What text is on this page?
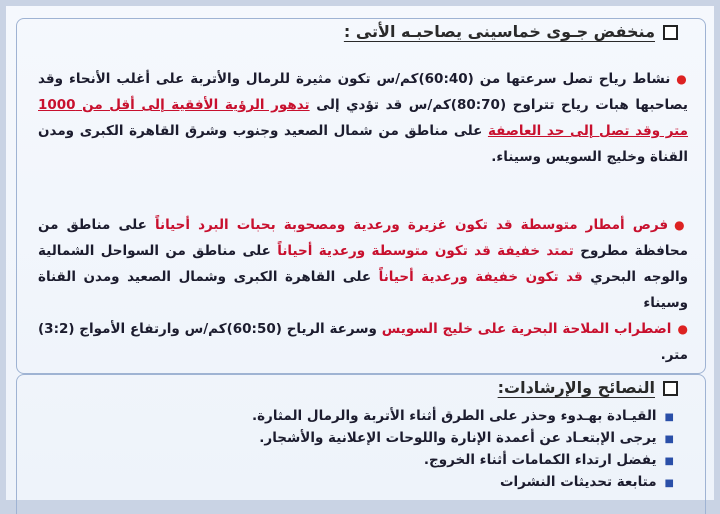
منخفض جـوى خماسينى يصاحبـه الأتى :
●نشاط رياح تصل سرعتها من (60:40)كم/س تكون مثيرة للرمال والأتربة على أغلب الأنحاء وقد يصاحبها هبات رياح تتراوح (80:70)كم/س قد تؤدي إلى تدهور الرؤية الأفقية إلى أقل من 1000 متر وقد تصل إلى حد العاصفة على مناطق من شمال الصعيد وجنوب وشرق القاهرة الكبرى ومدن القناة وخليج السويس وسيناء.
●فرص أمطار متوسطة قد تكون غزيرة ورعدية ومصحوبة بحبات البرد أحياناً على مناطق من محافظة مطروح تمتد خفيفة قد تكون متوسطة ورعدية أحياناً على مناطق من السواحل الشمالية والوجه البحري قد تكون خفيفة ورعدية أحياناً على القاهرة الكبرى وشمال الصعيد ومدن القناة وسيناء
●اضطراب الملاحة البحرية على خليج السويس وسرعة الرياح (60:50)كم/س وارتفاع الأمواج (3:2) متر.
النصائح والإرشادات:
■القيـادة بهـدوء وحذر على الطرق أثناء الأتربة والرمال المثارة.
■يرجى الإبتعـاد عن أعمدة الإنارة واللوحات الإعلانية والأشجار.
■يفضل ارتداء الكمامات أثناء الخروج.
■متابعة تحديثات النشرات
